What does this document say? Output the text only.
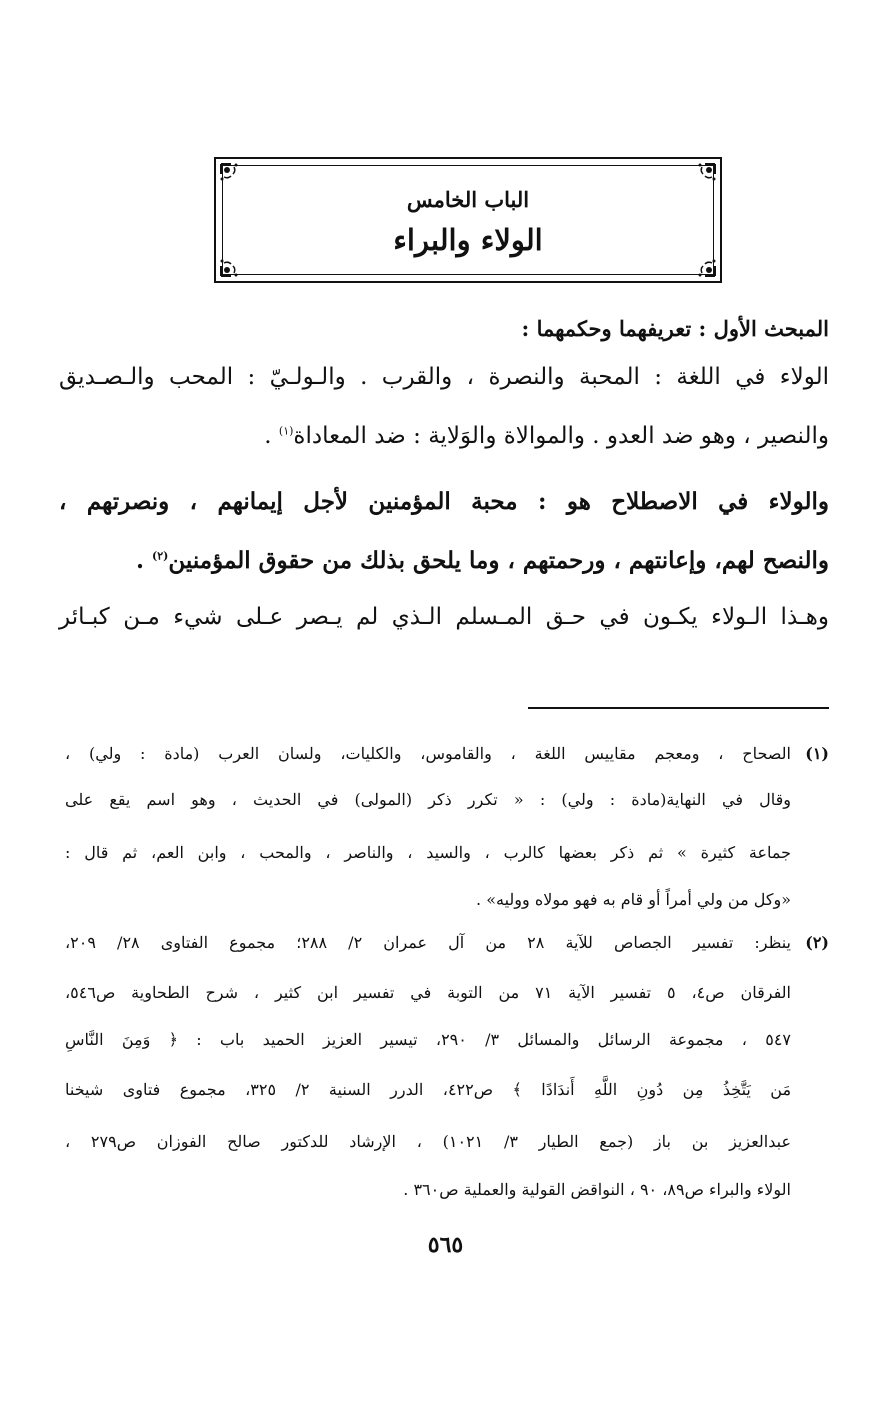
الباب الخامس
الولاء والبراء
المبحث الأول : تعريفهما وحكمهما :
الولاء في اللغة : المحبة والنصرة ، والقرب . والـولـيّ : المحب والـصـديق
والنصير ، وهو ضد العدو . والموالاة والوَلاية : ضد المعاداة$^{(١)}$ .
والولاء في الاصطلاح هو : محبة المؤمنين لأجل إيمانهم ، ونصرتهم ،
والنصح لهم، وإعانتهم ، ورحمتهم ، وما يلحق بذلك من حقوق المؤمنين$^{(٢)}$ .
وهـذا الـولاء يكـون في حـق المـسلم الـذي لم يـصر عـلى شيء مـن كبـائر
(١)
الصحاح ، ومعجم مقاييس اللغة ، والقاموس، والكليات، ولسان العرب (مادة : ولي) ،
وقال في النهاية(مادة : ولي) : « تكرر ذكر (المولى) في الحديث ، وهو اسم يقع على
جماعة كثيرة » ثم ذكر بعضها كالرب ، والسيد ، والناصر ، والمحب ، وابن العم، ثم قال :
«وكل من ولي أمراً أو قام به فهو مولاه ووليه» .
(٢)
ينظر: تفسير الجصاص للآية ٢٨ من آل عمران ٢/ ٢٨٨؛ مجموع الفتاوى ٢٨/ ٢٠٩،
الفرقان ص٤، ٥ تفسير الآية ٧١ من التوبة في تفسير ابن كثير ، شرح الطحاوية ص٥٤٦،
٥٤٧ ، مجموعة الرسائل والمسائل ٣/ ٢٩٠، تيسير العزيز الحميد باب : ﴿ وَمِنَ النَّاسِ
مَن يَتَّخِذُ مِن دُونِ اللَّهِ أَندَادًا ﴾ ص٤٢٢، الدرر السنية ٢/ ٣٢٥، مجموع فتاوى شيخنا
عبدالعزيز بن باز (جمع الطيار ٣/ ١٠٢١) ، الإرشاد للدكتور صالح الفوزان ص٢٧٩ ،
الولاء والبراء ص٨٩، ٩٠ ، النواقض القولية والعملية ص٣٦٠ .
٥٦٥
